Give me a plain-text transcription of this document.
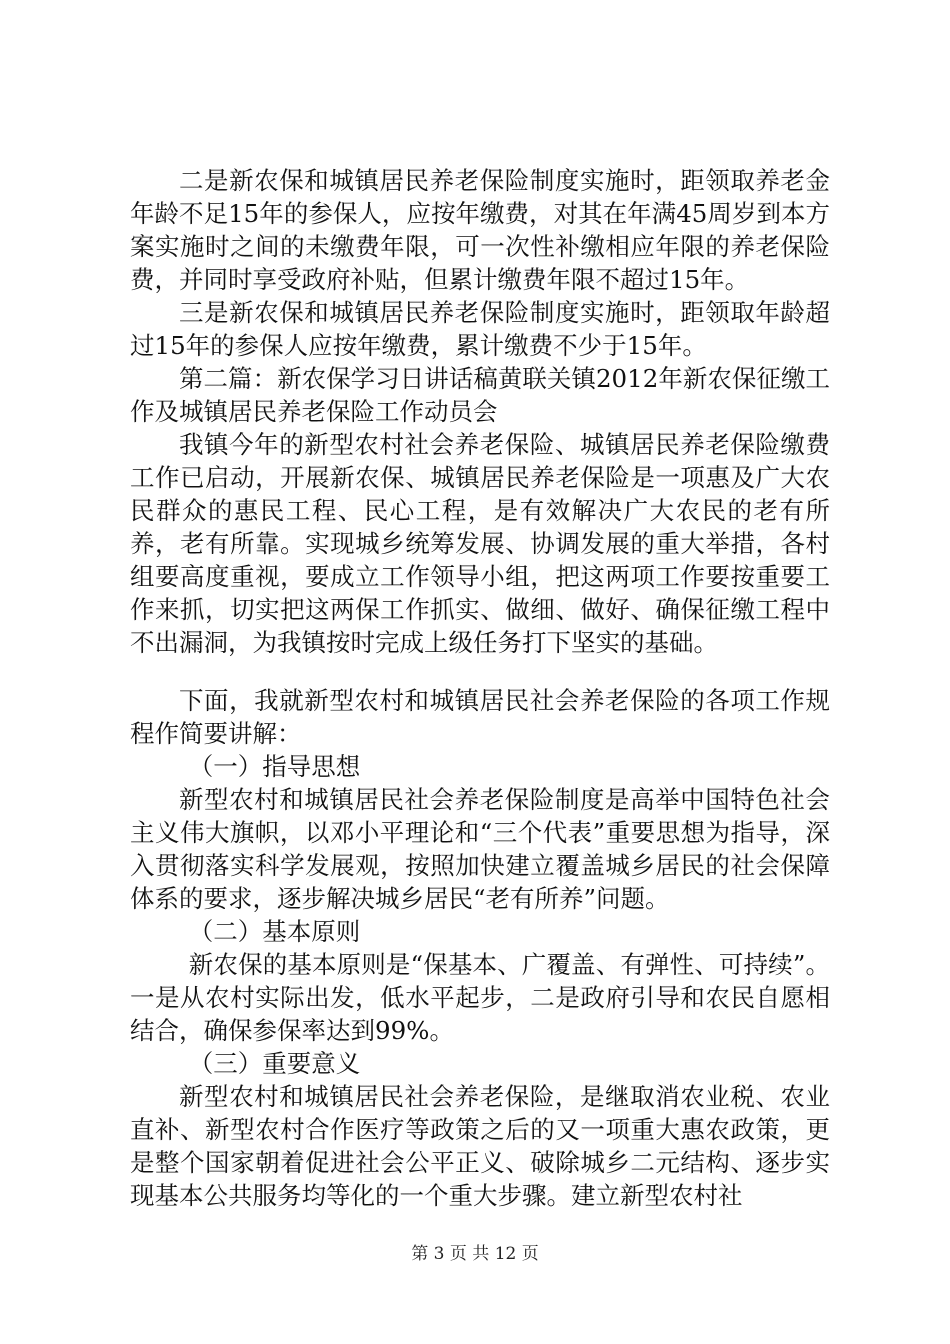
二是新农保和城镇居民养老保险制度实施时，距领取养老金年龄不足15年的参保人，应按年缴费，对其在年满45周岁到本方案实施时之间的未缴费年限，可一次性补缴相应年限的养老保险费，并同时享受政府补贴，但累计缴费年限不超过15年。

三是新农保和城镇居民养老保险制度实施时，距领取年龄超过15年的参保人应按年缴费，累计缴费不少于15年。

第二篇：新农保学习日讲话稿黄联关镇2012年新农保征缴工作及城镇居民养老保险工作动员会

我镇今年的新型农村社会养老保险、城镇居民养老保险缴费工作已启动，开展新农保、城镇居民养老保险是一项惠及广大农民群众的惠民工程、民心工程，是有效解决广大农民的老有所养，老有所靠。实现城乡统筹发展、协调发展的重大举措，各村组要高度重视，要成立工作领导小组，把这两项工作要按重要工作来抓，切实把这两保工作抓实、做细、做好、确保征缴工程中不出漏洞，为我镇按时完成上级任务打下坚实的基础。

下面，我就新型农村和城镇居民社会养老保险的各项工作规程作简要讲解：

（一）指导思想

新型农村和城镇居民社会养老保险制度是高举中国特色社会主义伟大旗帜，以邓小平理论和“三个代表”重要思想为指导，深入贯彻落实科学发展观，按照加快建立覆盖城乡居民的社会保障体系的要求，逐步解决城乡居民“老有所养”问题。

（二）基本原则

新农保的基本原则是“保基本、广覆盖、有弹性、可持续”。一是从农村实际出发，低水平起步，二是政府引导和农民自愿相结合，确保参保率达到99%。

（三）重要意义

新型农村和城镇居民社会养老保险，是继取消农业税、农业直补、新型农村合作医疗等政策之后的又一项重大惠农政策，更是整个国家朝着促进社会公平正义、破除城乡二元结构、逐步实现基本公共服务均等化的一个重大步骤。建立新型农村社

第 3 页 共 12 页
